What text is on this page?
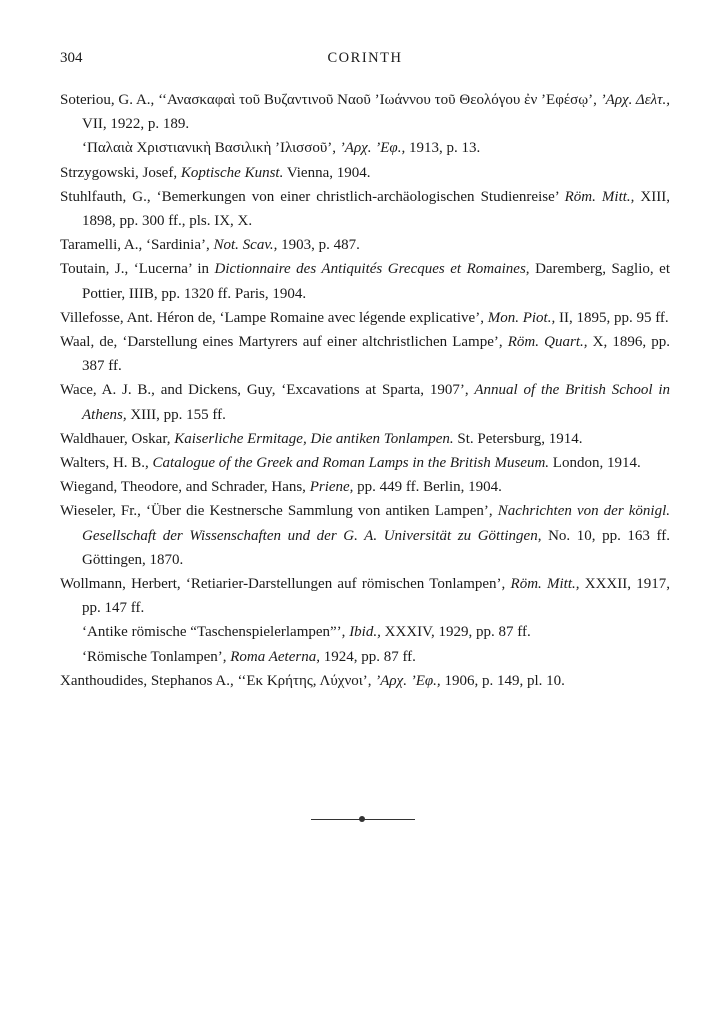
304	CORINTH
Soteriou, G. A., ‘‘Ανασκαφαὶ τοῦ Βυζαντινοῦ Ναοῦ ’Ιωάννου τοῦ Θεολόγου ἐν ’Εφέσῳ’, ’Αρχ. Δελτ., VII, 1922, p. 189.
‘Παλαιὰ Χριστιανικὴ Βασιλικὴ ’Ιλισσοῦ’, ’Αρχ. ’Εφ., 1913, p. 13.
Strzygowski, Josef, Koptische Kunst. Vienna, 1904.
Stuhlfauth, G., ‘Bemerkungen von einer christlich-archäologischen Studienreise’ Röm. Mitt., XIII, 1898, pp. 300 ff., pls. IX, X.
Taramelli, A., ‘Sardinia’, Not. Scav., 1903, p. 487.
Toutain, J., ‘Lucerna’ in Dictionnaire des Antiquités Grecques et Romaines, Daremberg, Saglio, et Pottier, IIIB, pp. 1320 ff. Paris, 1904.
Villefosse, Ant. Héron de, ‘Lampe Romaine avec légende explicative’, Mon. Piot., II, 1895, pp. 95 ff.
Waal, de, ‘Darstellung eines Martyrers auf einer altchristlichen Lampe’, Röm. Quart., X, 1896, pp. 387 ff.
Wace, A. J. B., and Dickens, Guy, ‘Excavations at Sparta, 1907’, Annual of the British School in Athens, XIII, pp. 155 ff.
Waldhauer, Oskar, Kaiserliche Ermitage, Die antiken Tonlampen. St. Petersburg, 1914.
Walters, H. B., Catalogue of the Greek and Roman Lamps in the British Museum. London, 1914.
Wiegand, Theodore, and Schrader, Hans, Priene, pp. 449 ff. Berlin, 1904.
Wieseler, Fr., ‘Über die Kestnersche Sammlung von antiken Lampen’, Nachrichten von der königl. Gesellschaft der Wissenschaften und der G. A. Universität zu Göttingen, No. 10, pp. 163 ff. Göttingen, 1870.
Wollmann, Herbert, ‘Retiarier-Darstellungen auf römischen Tonlampen’, Röm. Mitt., XXXII, 1917, pp. 147 ff.
‘Antike römische “Taschenspielerlampen”’, Ibid., XXXIV, 1929, pp. 87 ff.
‘Römische Tonlampen’, Roma Aeterna, 1924, pp. 87 ff.
Xanthoudides, Stephanos A., ‘‘Εκ Κρήτης, Λύχνοι’, ’Αρχ. ’Εφ., 1906, p. 149, pl. 10.
